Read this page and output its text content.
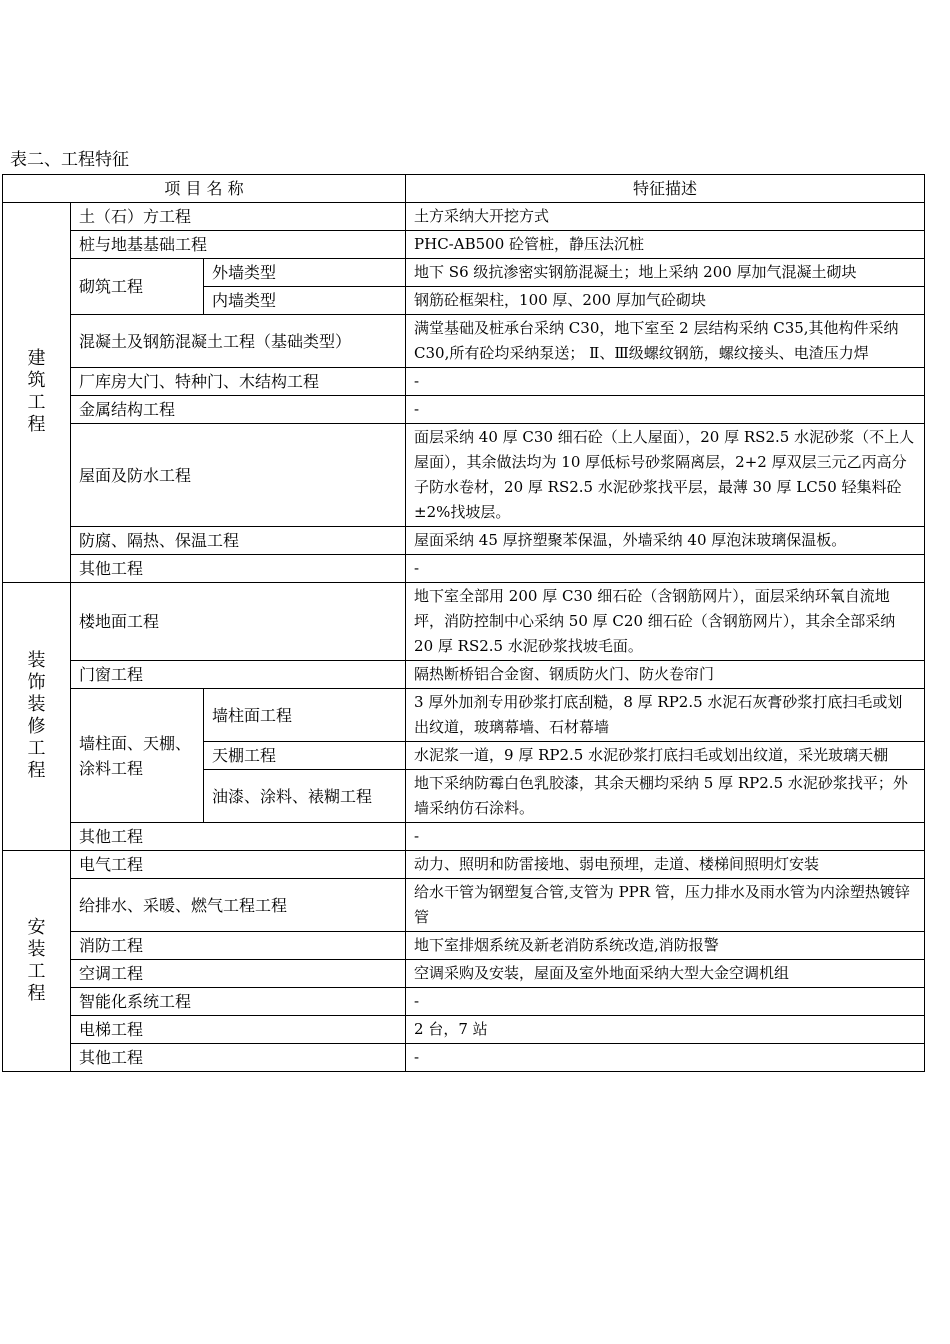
表二、工程特征
项 目 名 称			特征描述
建筑工程	土（石）方工程		土方采纳大开挖方式
	桩与地基基础工程		PHC-AB500 砼管桩，静压法沉桩
	砌筑工程	外墙类型	地下 S6 级抗渗密实钢筋混凝土；地上采纳 200 厚加气混凝土砌块
		内墙类型	钢筋砼框架柱，100 厚、200 厚加气砼砌块
	混凝土及钢筋混凝土工程（基础类型）		满堂基础及桩承台采纳 C30，地下室至 2 层结构采纳 C35,其他构件采纳 C30,所有砼均采纳泵送； Ⅱ、Ⅲ级螺纹钢筋，螺纹接头、电渣压力焊
	厂库房大门、特种门、木结构工程		-
	金属结构工程		-
	屋面及防水工程		面层采纳 40 厚 C30 细石砼（上人屋面），20 厚 RS2.5 水泥砂浆（不上人屋面），其余做法均为 10 厚低标号砂浆隔离层，2+2 厚双层三元乙丙高分子防水卷材，20 厚 RS2.5 水泥砂浆找平层，最薄 30 厚 LC50 轻集料砼±2%找坡层。
	防腐、隔热、保温工程		屋面采纳 45 厚挤塑聚苯保温，外墙采纳 40 厚泡沫玻璃保温板。
	其他工程		-
装饰装修工程	楼地面工程		地下室全部用 200 厚 C30 细石砼（含钢筋网片），面层采纳环氧自流地坪，消防控制中心采纳 50 厚 C20 细石砼（含钢筋网片），其余全部采纳 20 厚 RS2.5 水泥砂浆找坡毛面。
	门窗工程		隔热断桥铝合金窗、钢质防火门、防火卷帘门
	墙柱面、天棚、涂料工程	墙柱面工程	3 厚外加剂专用砂浆打底刮糙，8 厚 RP2.5 水泥石灰膏砂浆打底扫毛或划出纹道，玻璃幕墙、石材幕墙
		天棚工程	水泥浆一道，9 厚 RP2.5 水泥砂浆打底扫毛或划出纹道，采光玻璃天棚
		油漆、涂料、裱糊工程	地下采纳防霉白色乳胶漆，其余天棚均采纳 5 厚 RP2.5 水泥砂浆找平；外墙采纳仿石涂料。
	其他工程		-
安装工程	电气工程		动力、照明和防雷接地、弱电预埋，走道、楼梯间照明灯安装
	给排水、采暖、燃气工程工程		给水干管为钢塑复合管,支管为 PPR 管，压力排水及雨水管为内涂塑热镀锌管
	消防工程		地下室排烟系统及新老消防系统改造,消防报警
	空调工程		空调采购及安装，屋面及室外地面采纳大型大金空调机组
	智能化系统工程		-
	电梯工程		2 台，7 站
	其他工程		-
